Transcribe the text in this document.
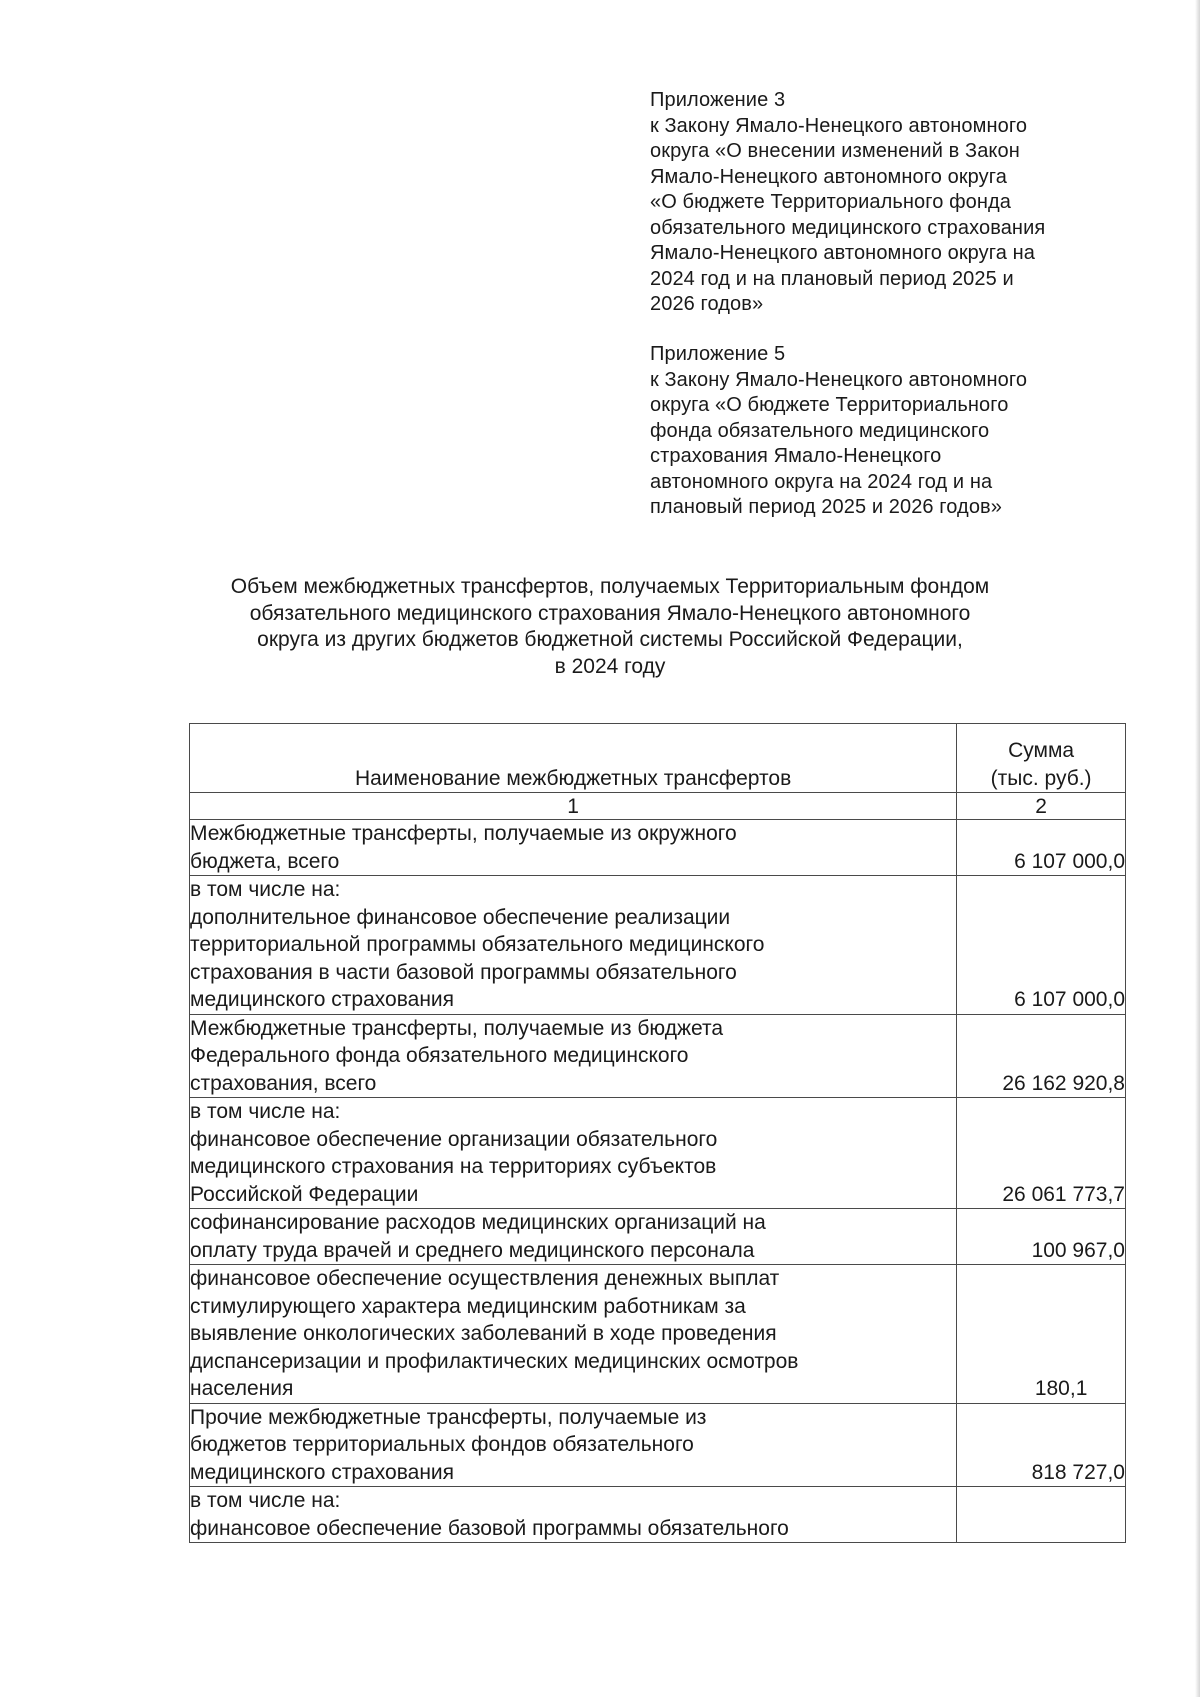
Приложение 3
к Закону Ямало-Ненецкого автономного
округа «О внесении изменений в Закон
Ямало-Ненецкого автономного округа
«О бюджете Территориального фонда
обязательного медицинского страхования
Ямало-Ненецкого автономного округа на
2024 год и на плановый период 2025 и
2026 годов»
Приложение 5
к Закону Ямало-Ненецкого автономного
округа «О бюджете Территориального
фонда обязательного медицинского
страхования Ямало-Ненецкого
автономного округа на 2024 год и на
плановый период 2025 и 2026 годов»
Объем межбюджетных трансфертов, получаемых Территориальным фондом
обязательного медицинского страхования Ямало-Ненецкого автономного
округа из других бюджетов бюджетной системы Российской Федерации,
в 2024 году
Наименование межбюджетных трансфертов	Сумма
(тыс. руб.)

1	2

Межбюджетные трансферты, получаемые из окружного
бюджета, всего	6 107 000,0

в том числе на:
дополнительное финансовое обеспечение реализации
территориальной программы обязательного медицинского
страхования в части базовой программы обязательного
медицинского страхования	6 107 000,0

Межбюджетные трансферты, получаемые из бюджета
Федерального фонда обязательного медицинского
страхования, всего	26 162 920,8

в том числе на:
финансовое обеспечение организации обязательного
медицинского страхования на территориях субъектов
Российской Федерации	26 061 773,7

софинансирование расходов медицинских организаций на
оплату труда врачей и среднего медицинского персонала	100 967,0

финансовое обеспечение осуществления денежных выплат
стимулирующего характера медицинским работникам за
выявление онкологических заболеваний в ходе проведения
диспансеризации и профилактических медицинских осмотров
населения	180,1

Прочие межбюджетные трансферты, получаемые из
бюджетов территориальных фондов обязательного
медицинского страхования	818 727,0

в том числе на:
финансовое обеспечение базовой программы обязательного	
